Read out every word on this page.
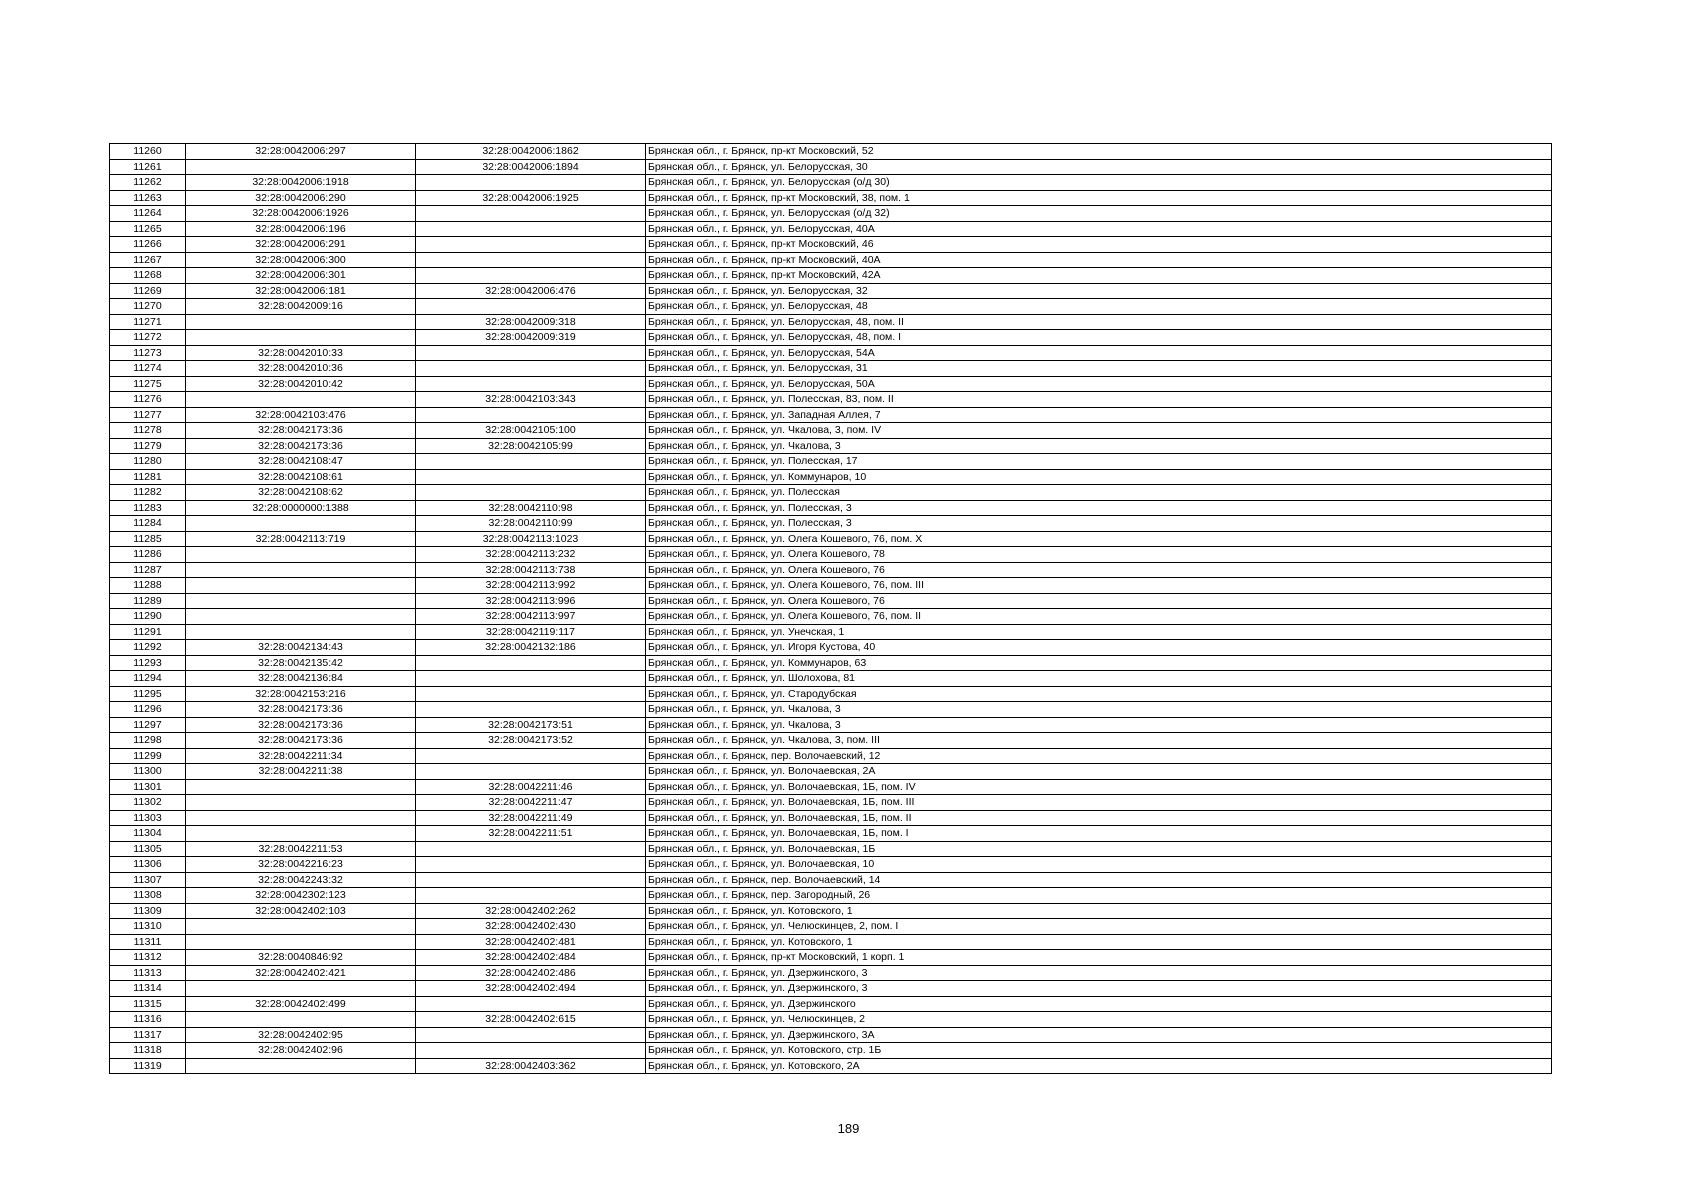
11260	32:28:0042006:297	32:28:0042006:1862	Брянская обл., г. Брянск, пр-кт Московский, 52
11261		32:28:0042006:1894	Брянская обл., г. Брянск, ул. Белорусская, 30
11262	32:28:0042006:1918		Брянская обл., г. Брянск, ул. Белорусская (о/д 30)
11263	32:28:0042006:290	32:28:0042006:1925	Брянская обл., г. Брянск, пр-кт Московский, 38, пом. 1
11264	32:28:0042006:1926		Брянская обл., г. Брянск, ул. Белорусская (о/д 32)
11265	32:28:0042006:196		Брянская обл., г. Брянск, ул. Белорусская, 40А
11266	32:28:0042006:291		Брянская обл., г. Брянск, пр-кт Московский, 46
11267	32:28:0042006:300		Брянская обл., г. Брянск, пр-кт Московский, 40А
11268	32:28:0042006:301		Брянская обл., г. Брянск, пр-кт Московский, 42А
11269	32:28:0042006:181	32:28:0042006:476	Брянская обл., г. Брянск, ул. Белорусская, 32
11270	32:28:0042009:16		Брянская обл., г. Брянск, ул. Белорусская, 48
11271		32:28:0042009:318	Брянская обл., г. Брянск, ул. Белорусская, 48, пом. II
11272		32:28:0042009:319	Брянская обл., г. Брянск, ул. Белорусская, 48, пом. I
11273	32:28:0042010:33		Брянская обл., г. Брянск, ул. Белорусская, 54А
11274	32:28:0042010:36		Брянская обл., г. Брянск, ул. Белорусская, 31
11275	32:28:0042010:42		Брянская обл., г. Брянск, ул. Белорусская, 50А
11276		32:28:0042103:343	Брянская обл., г. Брянск, ул. Полесская, 83, пом. II
11277	32:28:0042103:476		Брянская обл., г. Брянск, ул. Западная Аллея, 7
11278	32:28:0042173:36	32:28:0042105:100	Брянская обл., г. Брянск, ул. Чкалова, 3, пом. IV
11279	32:28:0042173:36	32:28:0042105:99	Брянская обл., г. Брянск, ул. Чкалова, 3
11280	32:28:0042108:47		Брянская обл., г. Брянск, ул. Полесская, 17
11281	32:28:0042108:61		Брянская обл., г. Брянск, ул. Коммунаров, 10
11282	32:28:0042108:62		Брянская обл., г. Брянск, ул. Полесская
11283	32:28:0000000:1388	32:28:0042110:98	Брянская обл., г. Брянск, ул. Полесская, 3
11284		32:28:0042110:99	Брянская обл., г. Брянск, ул. Полесская, 3
11285	32:28:0042113:719	32:28:0042113:1023	Брянская обл., г. Брянск, ул. Олега Кошевого, 76, пом. X
11286		32:28:0042113:232	Брянская обл., г. Брянск, ул. Олега Кошевого, 78
11287		32:28:0042113:738	Брянская обл., г. Брянск, ул. Олега Кошевого, 76
11288		32:28:0042113:992	Брянская обл., г. Брянск, ул. Олега Кошевого, 76, пом. III
11289		32:28:0042113:996	Брянская обл., г. Брянск, ул. Олега Кошевого, 76
11290		32:28:0042113:997	Брянская обл., г. Брянск, ул. Олега Кошевого, 76, пом. II
11291		32:28:0042119:117	Брянская обл., г. Брянск, ул. Унечская, 1
11292	32:28:0042134:43	32:28:0042132:186	Брянская обл., г. Брянск, ул. Игоря Кустова, 40
11293	32:28:0042135:42		Брянская обл., г. Брянск, ул. Коммунаров, 63
11294	32:28:0042136:84		Брянская обл., г. Брянск, ул. Шолохова, 81
11295	32:28:0042153:216		Брянская обл., г. Брянск, ул. Стародубская
11296	32:28:0042173:36		Брянская обл., г. Брянск, ул. Чкалова, 3
11297	32:28:0042173:36	32:28:0042173:51	Брянская обл., г. Брянск, ул. Чкалова, 3
11298	32:28:0042173:36	32:28:0042173:52	Брянская обл., г. Брянск, ул. Чкалова, 3, пом. III
11299	32:28:0042211:34		Брянская обл., г. Брянск, пер. Волочаевский, 12
11300	32:28:0042211:38		Брянская обл., г. Брянск, ул. Волочаевская, 2А
11301		32:28:0042211:46	Брянская обл., г. Брянск, ул. Волочаевская, 1Б, пом. IV
11302		32:28:0042211:47	Брянская обл., г. Брянск, ул. Волочаевская, 1Б, пом. III
11303		32:28:0042211:49	Брянская обл., г. Брянск, ул. Волочаевская, 1Б, пом. II
11304		32:28:0042211:51	Брянская обл., г. Брянск, ул. Волочаевская, 1Б, пом. I
11305	32:28:0042211:53		Брянская обл., г. Брянск, ул. Волочаевская, 1Б
11306	32:28:0042216:23		Брянская обл., г. Брянск, ул. Волочаевская, 10
11307	32:28:0042243:32		Брянская обл., г. Брянск, пер. Волочаевский, 14
11308	32:28:0042302:123		Брянская обл., г. Брянск, пер. Загородный, 26
11309	32:28:0042402:103	32:28:0042402:262	Брянская обл., г. Брянск, ул. Котовского, 1
11310		32:28:0042402:430	Брянская обл., г. Брянск, ул. Челюскинцев, 2, пом. I
11311		32:28:0042402:481	Брянская обл., г. Брянск, ул. Котовского, 1
11312	32:28:0040846:92	32:28:0042402:484	Брянская обл., г. Брянск, пр-кт Московский, 1 корп. 1
11313	32:28:0042402:421	32:28:0042402:486	Брянская обл., г. Брянск, ул. Дзержинского, 3
11314		32:28:0042402:494	Брянская обл., г. Брянск, ул. Дзержинского, 3
11315	32:28:0042402:499		Брянская обл., г. Брянск, ул. Дзержинского
11316		32:28:0042402:615	Брянская обл., г. Брянск, ул. Челюскинцев, 2
11317	32:28:0042402:95		Брянская обл., г. Брянск, ул. Дзержинского, 3А
11318	32:28:0042402:96		Брянская обл., г. Брянск, ул. Котовского, стр. 1Б
11319		32:28:0042403:362	Брянская обл., г. Брянск, ул. Котовского, 2А
189
